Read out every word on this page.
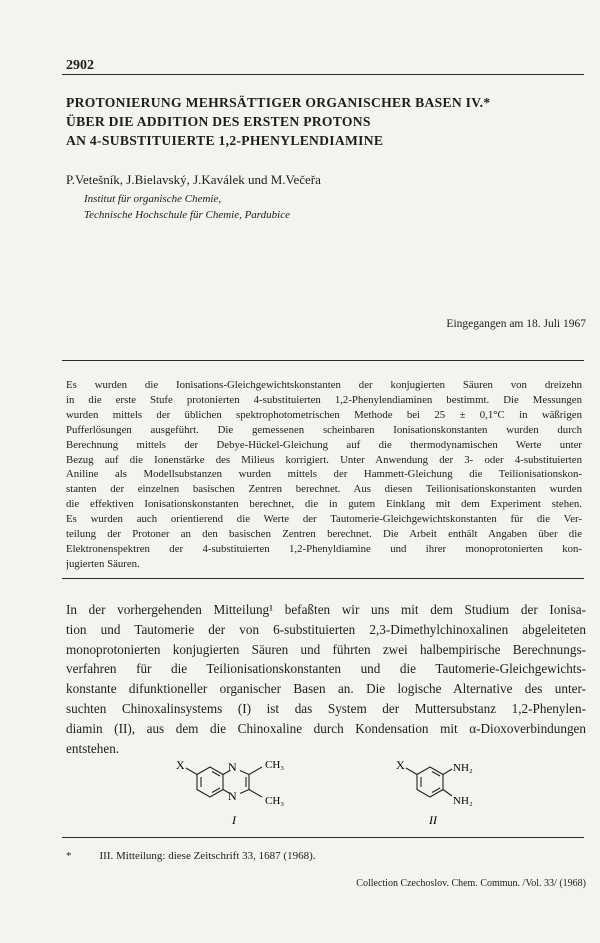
2902
PROTONIERUNG MEHRSÄTTIGER ORGANISCHER BASEN IV.*
ÜBER DIE ADDITION DES ERSTEN PROTONS
AN 4-SUBSTITUIERTE 1,2-PHENYLENDIAMINE
P.Vetešník, J.Bielavský, J.Kaválek und M.Večeřa
Institut für organische Chemie,
Technische Hochschule für Chemie, Pardubice
Eingegangen am 18. Juli 1967
Es wurden die Ionisations-Gleichgewichtskonstanten der konjugierten Säuren von dreizehn
in die erste Stufe protonierten 4-substituierten 1,2-Phenylendiaminen bestimmt. Die Messungen
wurden mittels der üblichen spektrophotometrischen Methode bei 25 ± 0,1°C in wäßrigen
Pufferlösungen ausgeführt. Die gemessenen scheinbaren Ionisationskonstanten wurden durch
Berechnung mittels der Debye-Hückel-Gleichung auf die thermodynamischen Werte unter
Bezug auf die Ionenstärke des Milieus korrigiert. Unter Anwendung der 3- oder 4-substituierten
Aniline als Modellsubstanzen wurden mittels der Hammett-Gleichung die Teilionisationskon-
stanten der einzelnen basischen Zentren berechnet. Aus diesen Teilionisationskonstanten wurden
die effektiven Ionisationskonstanten berechnet, die in gutem Einklang mit dem Experiment stehen.
Es wurden auch orientierend die Werte der Tautomerie-Gleichgewichtskonstanten für die Ver-
teilung der Protoner an den basischen Zentren berechnet. Die Arbeit enthält Angaben über die
Elektronenspektren der 4-substituierten 1,2-Phenyldiamine und ihrer monoprotonierten kon-
jugierten Säuren.
In der vorhergehenden Mitteilung¹ befaßten wir uns mit dem Studium der Ionisa-
tion und Tautomerie der von 6-substituierten 2,3-Dimethylchinoxalinen abgeleiteten
monoprotonierten konjugierten Säuren und führten zwei halbempirische Berechnungs-
verfahren für die Teilionisationskonstanten und die Tautomerie-Gleichgewichts-
konstante difunktioneller organischer Basen an. Die logische Alternative des unter-
suchten Chinoxalinsystems (I) ist das System der Muttersubstanz 1,2-Phenylen-
diamin (II), aus dem die Chinoxaline durch Kondensation mit α-Dioxoverbindungen
entstehen.
X	N
N
CH₃
CH₃
I
X	NH₂
NH₂
II
*	III. Mitteilung: diese Zeitschrift 33, 1687 (1968).
Collection Czechoslov. Chem. Commun. /Vol. 33/ (1968)
